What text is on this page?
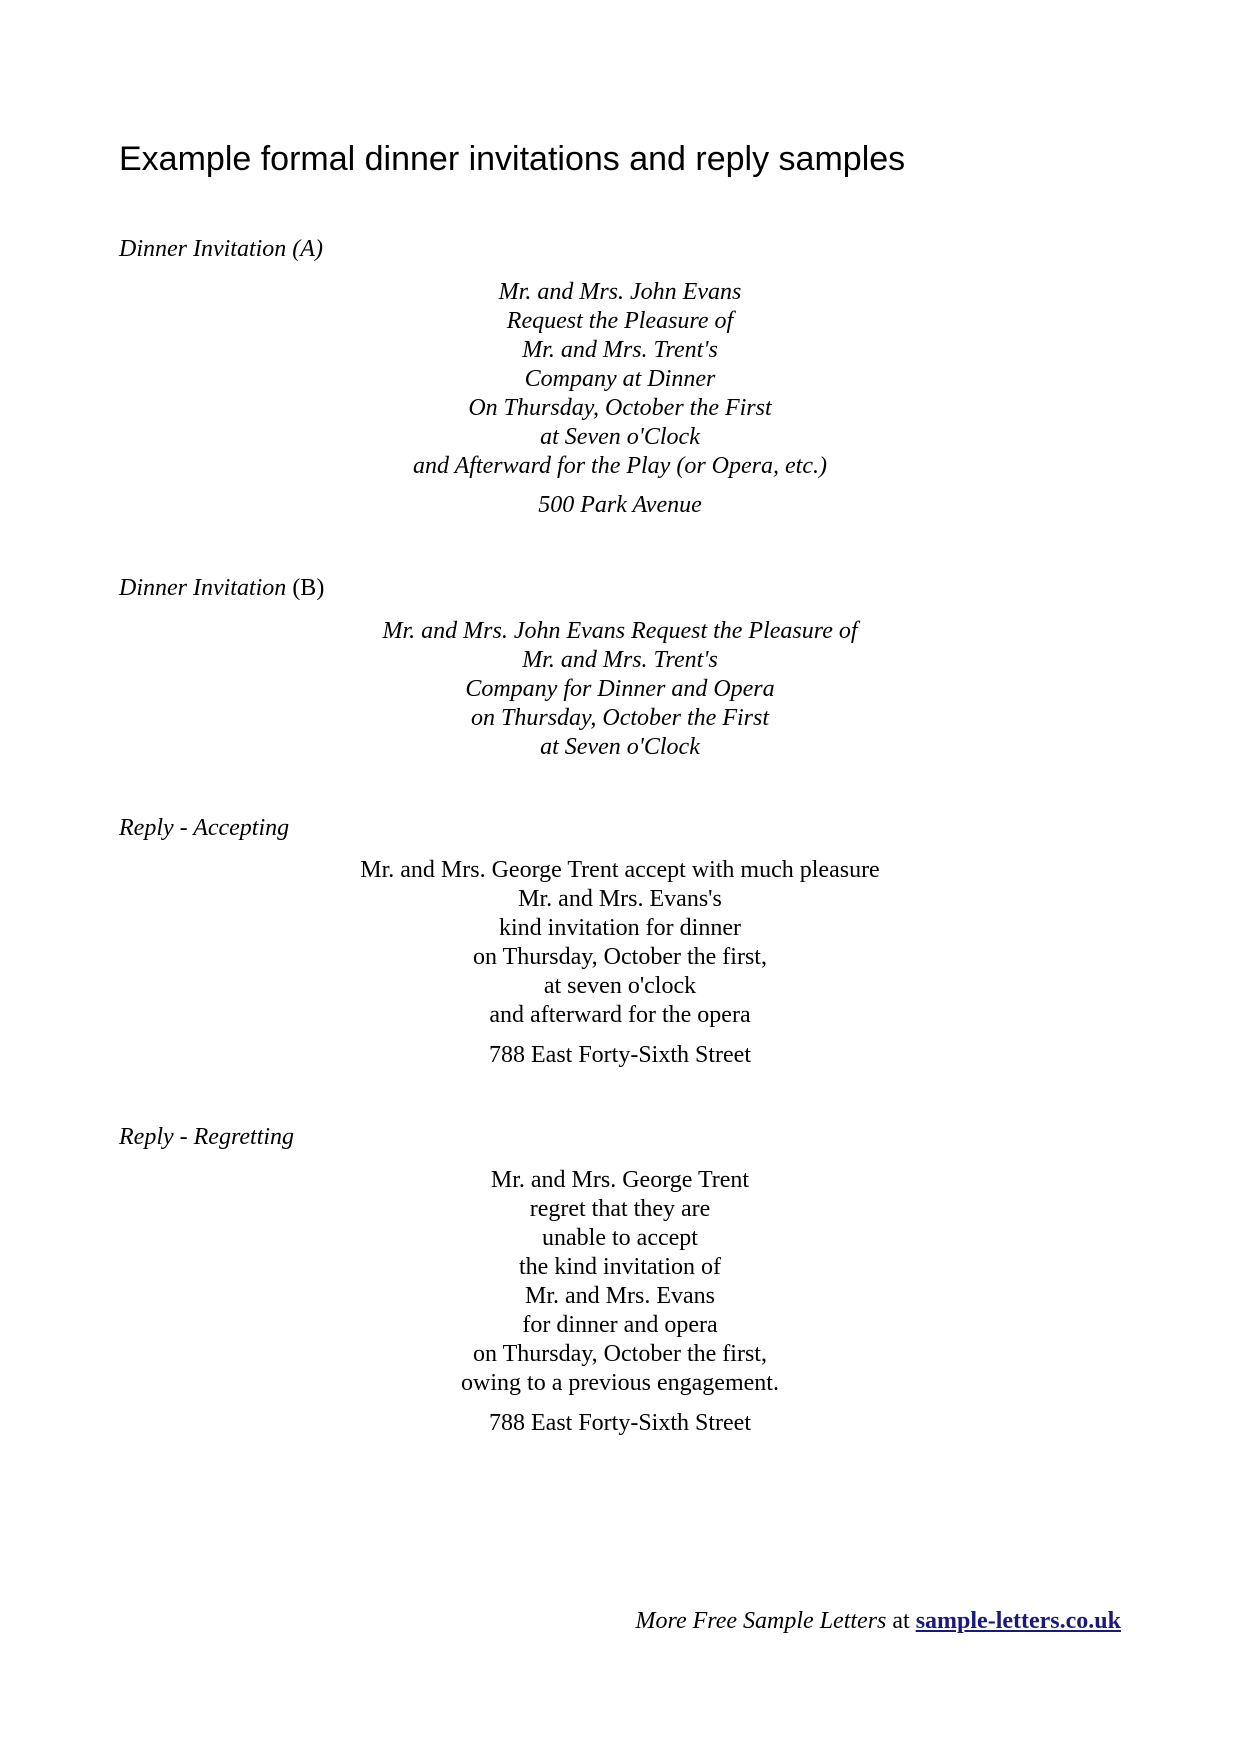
Example formal dinner invitations and reply samples
Dinner Invitation (A)
Mr. and Mrs. John Evans
Request the Pleasure of
Mr. and Mrs. Trent's
Company at Dinner
On Thursday, October the First
at Seven o'Clock
and Afterward for the Play (or Opera, etc.)
500 Park Avenue
Dinner Invitation (B)
Mr. and Mrs. John Evans Request the Pleasure of
Mr. and Mrs. Trent's
Company for Dinner and Opera
on Thursday, October the First
at Seven o'Clock
Reply - Accepting
Mr. and Mrs. George Trent accept with much pleasure
Mr. and Mrs. Evans's
kind invitation for dinner
on Thursday, October the first,
at seven o'clock
and afterward for the opera
788 East Forty-Sixth Street
Reply - Regretting
Mr. and Mrs. George Trent
regret that they are
unable to accept
the kind invitation of
Mr. and Mrs. Evans
for dinner and opera
on Thursday, October the first,
owing to a previous engagement.
788 East Forty-Sixth Street
More Free Sample Letters at sample-letters.co.uk
